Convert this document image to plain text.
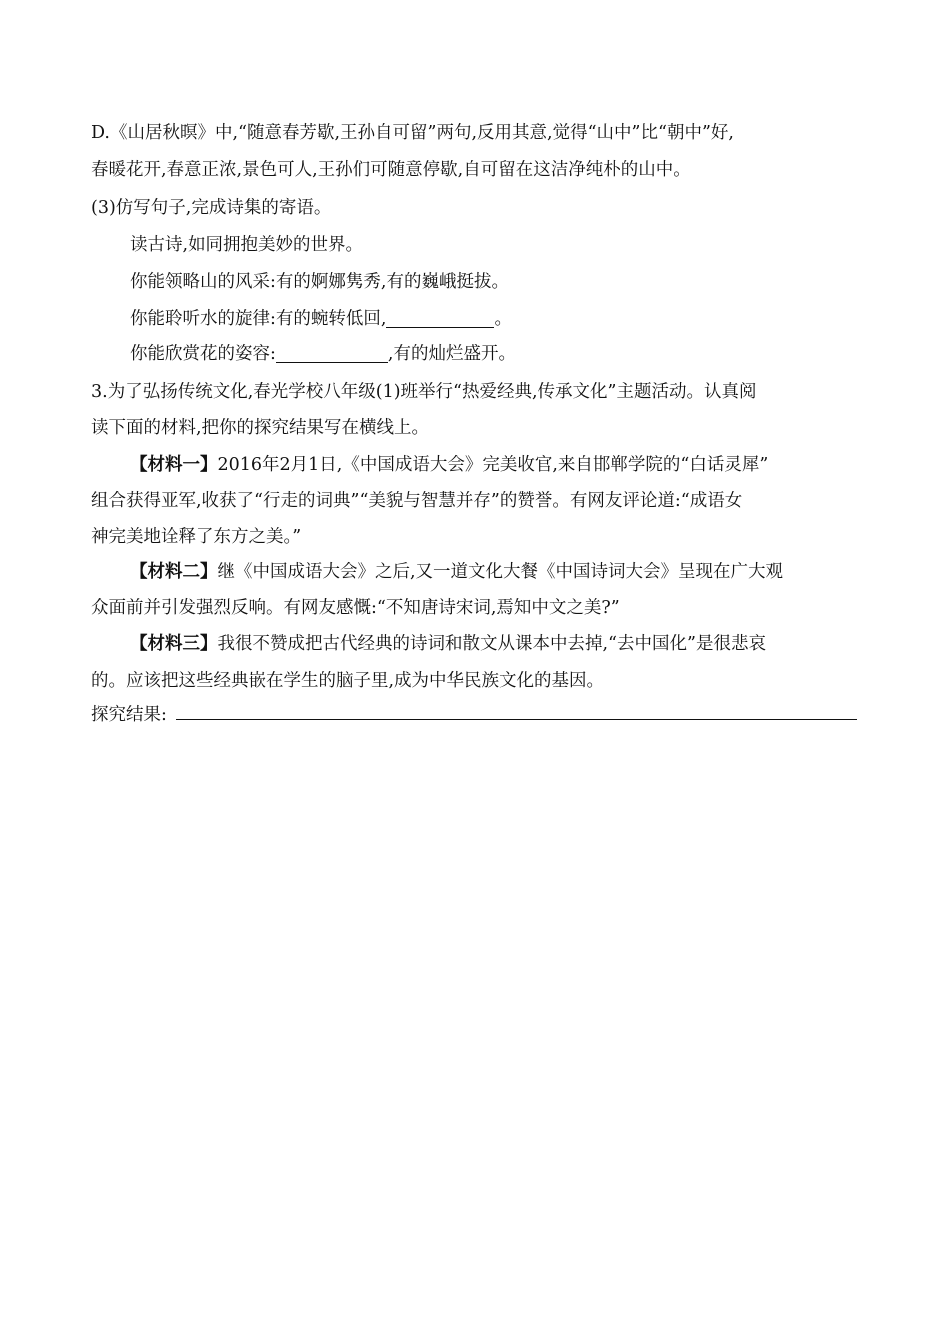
D.《山居秋暝》中,“随意春芳歇,王孙自可留”两句,反用其意,觉得“山中”比“朝中”好,
春暖花开,春意正浓,景色可人,王孙们可随意停歇,自可留在这洁净纯朴的山中。
(3)仿写句子,完成诗集的寄语。
读古诗,如同拥抱美妙的世界。
你能领略山的风采:有的婀娜隽秀,有的巍峨挺拔。
你能聆听水的旋律:有的蜿转低回,	。
你能欣赏花的姿容:	,有的灿烂盛开。
3.为了弘扬传统文化,春光学校八年级(1)班举行“热爱经典,传承文化”主题活动。认真阅
读下面的材料,把你的探究结果写在横线上。
【材料一】2016年2月1日,《中国成语大会》完美收官,来自邯郸学院的“白话灵犀”
组合获得亚军,收获了“行走的词典”“美貌与智慧并存”的赞誉。有网友评论道:“成语女
神完美地诠释了东方之美。”
【材料二】继《中国成语大会》之后,又一道文化大餐《中国诗词大会》呈现在广大观
众面前并引发强烈反响。有网友感慨:“不知唐诗宋词,焉知中文之美?”
【材料三】我很不赞成把古代经典的诗词和散文从课本中去掉,“去中国化”是很悲哀
的。应该把这些经典嵌在学生的脑子里,成为中华民族文化的基因。
探究结果:
